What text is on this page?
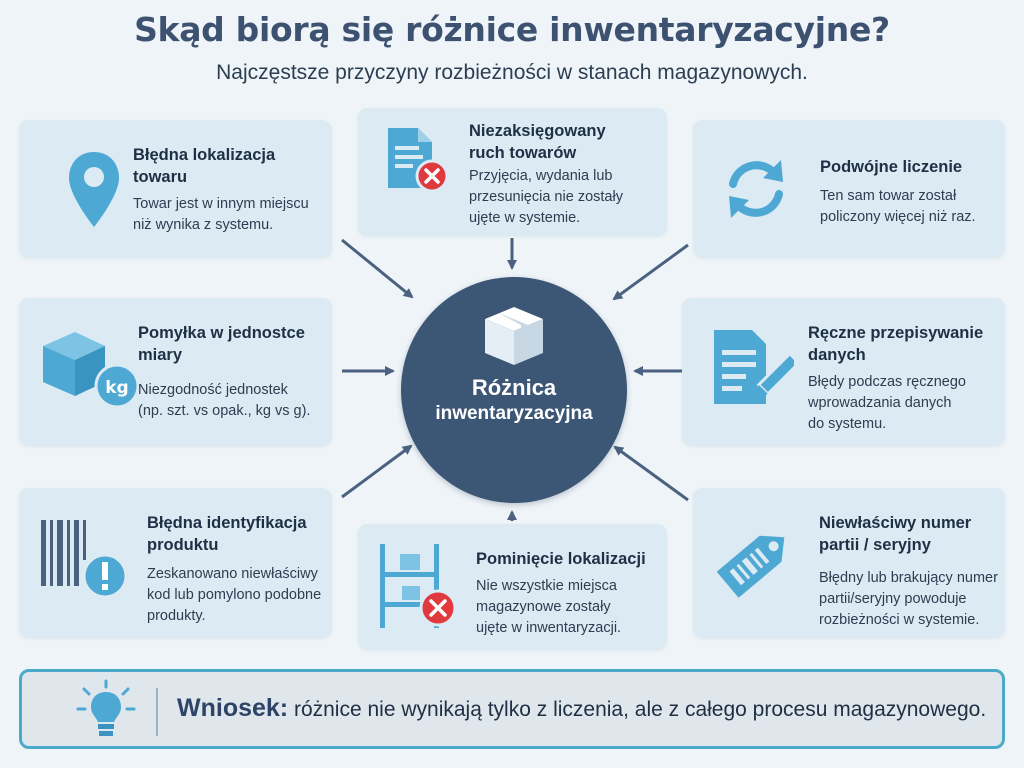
Skąd biorą się różnice inwentaryzacyjne?
Najczęstsze przyczyny rozbieżności w stanach magazynowych.
Błędna lokalizacja
towaru
Towar jest w innym miejscu
niż wynika z systemu.
Niezaksięgowany
ruch towarów
Przyjęcia, wydania lub
przesunięcia nie zostały
ujęte w systemie.
Podwójne liczenie
Ten sam towar został
policzony więcej niż raz.
kg
Pomyłka w jednostce
miary
Niezgodność jednostek
(np. szt. vs opak., kg vs g).
Ręczne przepisywanie
danych
Błędy podczas ręcznego
wprowadzania danych
do systemu.
Błędna identyfikacja
produktu
Zeskanowano niewłaściwy
kod lub pomylono podobne
produkty.
Pominięcie lokalizacji
Nie wszystkie miejsca
magazynowe zostały
ujęte w inwentaryzacji.
Niewłaściwy numer
partii / seryjny
Błędny lub brakujący numer
partii/seryjny powoduje
rozbieżności w systemie.
Różnica
inwentaryzacyjna
Wniosek: różnice nie wynikają tylko z liczenia, ale z całego procesu magazynowego.
